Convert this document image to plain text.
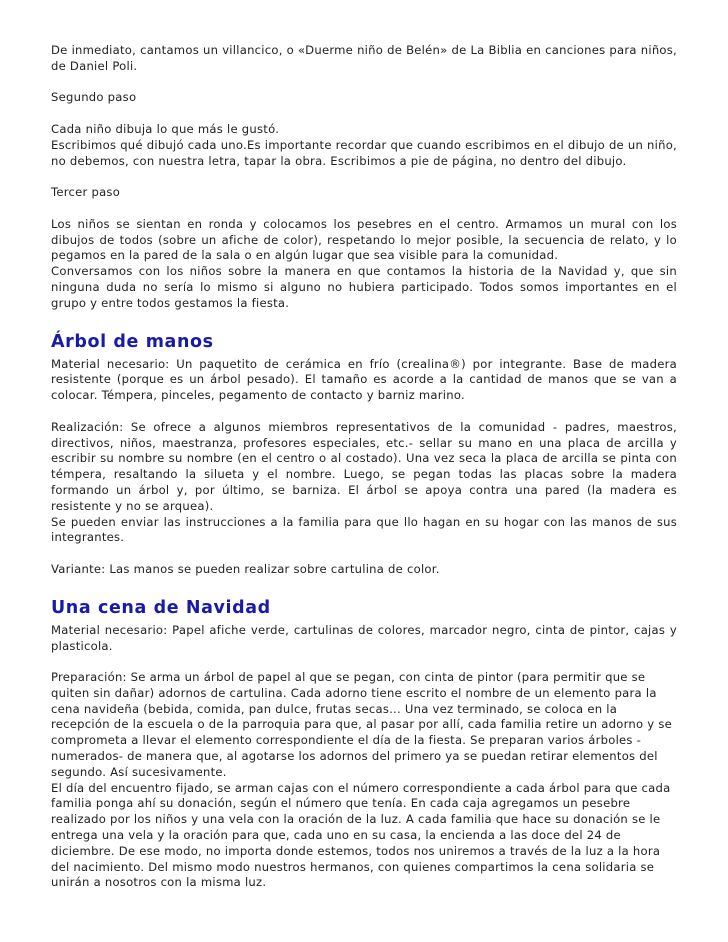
De inmediato, cantamos un villancico, o «Duerme niño de Belén» de La Biblia en canciones para niños, de Daniel Poli.

Segundo paso

Cada niño dibuja lo que más le gustó.

Escribimos qué dibujó cada uno.Es importante recordar que cuando escribimos en el dibujo de un niño, no debemos, con nuestra letra, tapar la obra. Escribimos a pie de página, no dentro del dibujo.

Tercer paso

Los niños se sientan en ronda y colocamos los pesebres en el centro. Armamos un mural con los dibujos de todos (sobre un afiche de color), respetando lo mejor posible, la secuencia de relato, y lo pegamos en la pared de la sala o en algún lugar que sea visible para la comunidad.

Conversamos con los niños sobre la manera en que contamos la historia de la Navidad y, que sin ninguna duda no sería lo mismo si alguno no hubiera participado. Todos somos importantes en el grupo y entre todos gestamos la fiesta.

Árbol de manos

Material necesario: Un paquetito de cerámica en frío (crealina®) por integrante. Base de madera resistente (porque es un árbol pesado). El tamaño es acorde a la cantidad de manos que se van a colocar. Témpera, pinceles, pegamento de contacto y barniz marino.

Realización: Se ofrece a algunos miembros representativos de la comunidad - padres, maestros, directivos, niños, maestranza, profesores especiales, etc.- sellar su mano en una placa de arcilla y escribir su nombre su nombre (en el centro o al costado). Una vez seca la placa de arcilla se pinta con témpera, resaltando la silueta y el nombre. Luego, se pegan todas las placas sobre la madera formando un árbol y, por último, se barniza. El árbol se apoya contra una pared (la madera es resistente y no se arquea).

Se pueden enviar las instrucciones a la familia para que llo hagan en su hogar con las manos de sus integrantes.

Variante: Las manos se pueden realizar sobre cartulina de color.

Una cena de Navidad

Material necesario: Papel afiche verde, cartulinas de colores, marcador negro, cinta de pintor, cajas y plasticola.

Preparación: Se arma un árbol de papel al que se pegan, con cinta de pintor (para permitir que se quiten sin dañar) adornos de cartulina. Cada adorno tiene escrito el nombre de un elemento para la cena navideña (bebida, comida, pan dulce, frutas secas... Una vez terminado, se coloca en la recepción de la escuela o de la parroquia para que, al pasar por allí, cada familia retire un adorno y se comprometa a llevar el elemento correspondiente el día de la fiesta. Se preparan varios árboles -numerados- de manera que, al agotarse los adornos del primero ya se puedan retirar elementos del segundo. Así sucesivamente.

El día del encuentro fijado, se arman cajas con el número correspondiente a cada árbol para que cada familia ponga ahí su donación, según el número que tenía. En cada caja agregamos un pesebre realizado por los niños y una vela con la oración de la luz. A cada familia que hace su donación se le entrega una vela y la oración para que, cada uno en su casa, la encienda a las doce del 24 de diciembre. De ese modo, no importa donde estemos, todos nos uniremos a través de la luz a la hora del nacimiento. Del mismo modo nuestros hermanos, con quienes compartimos la cena solidaria se unirán a nosotros con la misma luz.
